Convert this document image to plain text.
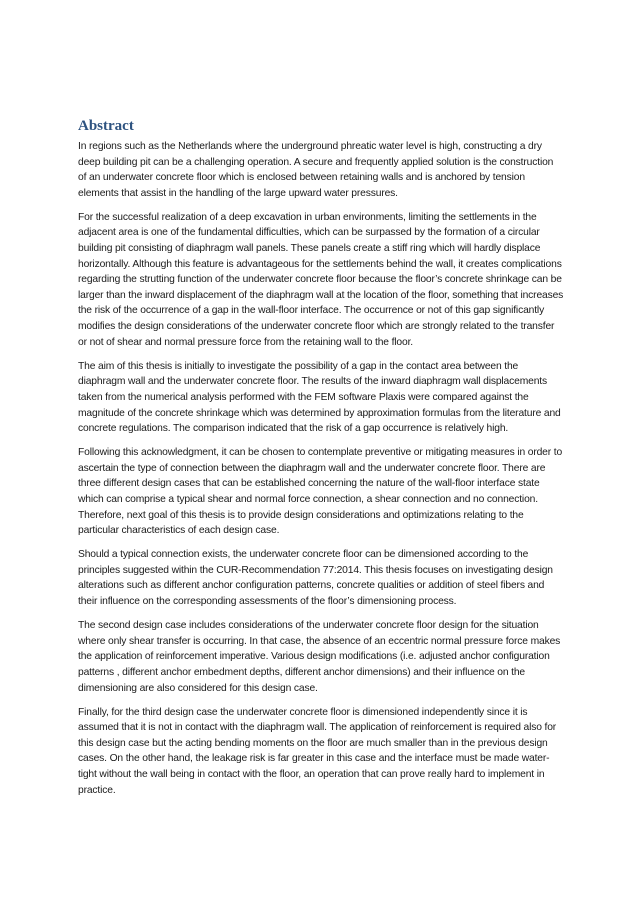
Abstract

In regions such as the Netherlands where the underground phreatic water level is high, constructing a dry deep building pit can be a challenging operation. A secure and frequently applied solution is the construction of an underwater concrete floor which is enclosed between retaining walls and is anchored by tension elements that assist in the handling of the large upward water pressures.

For the successful realization of a deep excavation in urban environments, limiting the settlements in the adjacent area is one of the fundamental difficulties, which can be surpassed by the formation of a circular building pit consisting of diaphragm wall panels. These panels create a stiff ring which will hardly displace horizontally. Although this feature is advantageous for the settlements behind the wall, it creates complications regarding the strutting function of the underwater concrete floor because the floor’s concrete shrinkage can be larger than the inward displacement of the diaphragm wall at the location of the floor, something that increases the risk of the occurrence of a gap in the wall-floor interface. The occurrence or not of this gap significantly modifies the design considerations of the underwater concrete floor which are strongly related to the transfer or not of shear and normal pressure force from the retaining wall to the floor.

The aim of this thesis is initially to investigate the possibility of a gap in the contact area between the diaphragm wall and the underwater concrete floor. The results of the inward diaphragm wall displacements taken from the numerical analysis performed with the FEM software Plaxis were compared against the magnitude of the concrete shrinkage which was determined by approximation formulas from the literature and concrete regulations. The comparison indicated that the risk of a gap occurrence is relatively high.

Following this acknowledgment, it can be chosen to contemplate preventive or mitigating measures in order to ascertain the type of connection between the diaphragm wall and the underwater concrete floor. There are three different design cases that can be established concerning the nature of the wall-floor interface state which can comprise a typical shear and normal force connection, a shear connection and no connection. Therefore, next goal of this thesis is to provide design considerations and optimizations relating to the particular characteristics of each design case.

Should a typical connection exists, the underwater concrete floor can be dimensioned according to the principles suggested within the CUR-Recommendation 77:2014. This thesis focuses on investigating design alterations such as different anchor configuration patterns, concrete qualities or addition of steel fibers and their influence on the corresponding assessments of the floor’s dimensioning process.

The second design case includes considerations of the underwater concrete floor design for the situation where only shear transfer is occurring. In that case, the absence of an eccentric normal pressure force makes the application of reinforcement imperative. Various design modifications (i.e. adjusted anchor configuration patterns , different anchor embedment depths, different anchor dimensions) and their influence on the dimensioning are also considered for this design case.

Finally, for the third design case the underwater concrete floor is dimensioned independently since it is assumed that it is not in contact with the diaphragm wall. The application of reinforcement is required also for this design case but the acting bending moments on the floor are much smaller than in the previous design cases. On the other hand, the leakage risk is far greater in this case and the interface must be made water-tight without the wall being in contact with the floor, an operation that can prove really hard to implement in practice.
